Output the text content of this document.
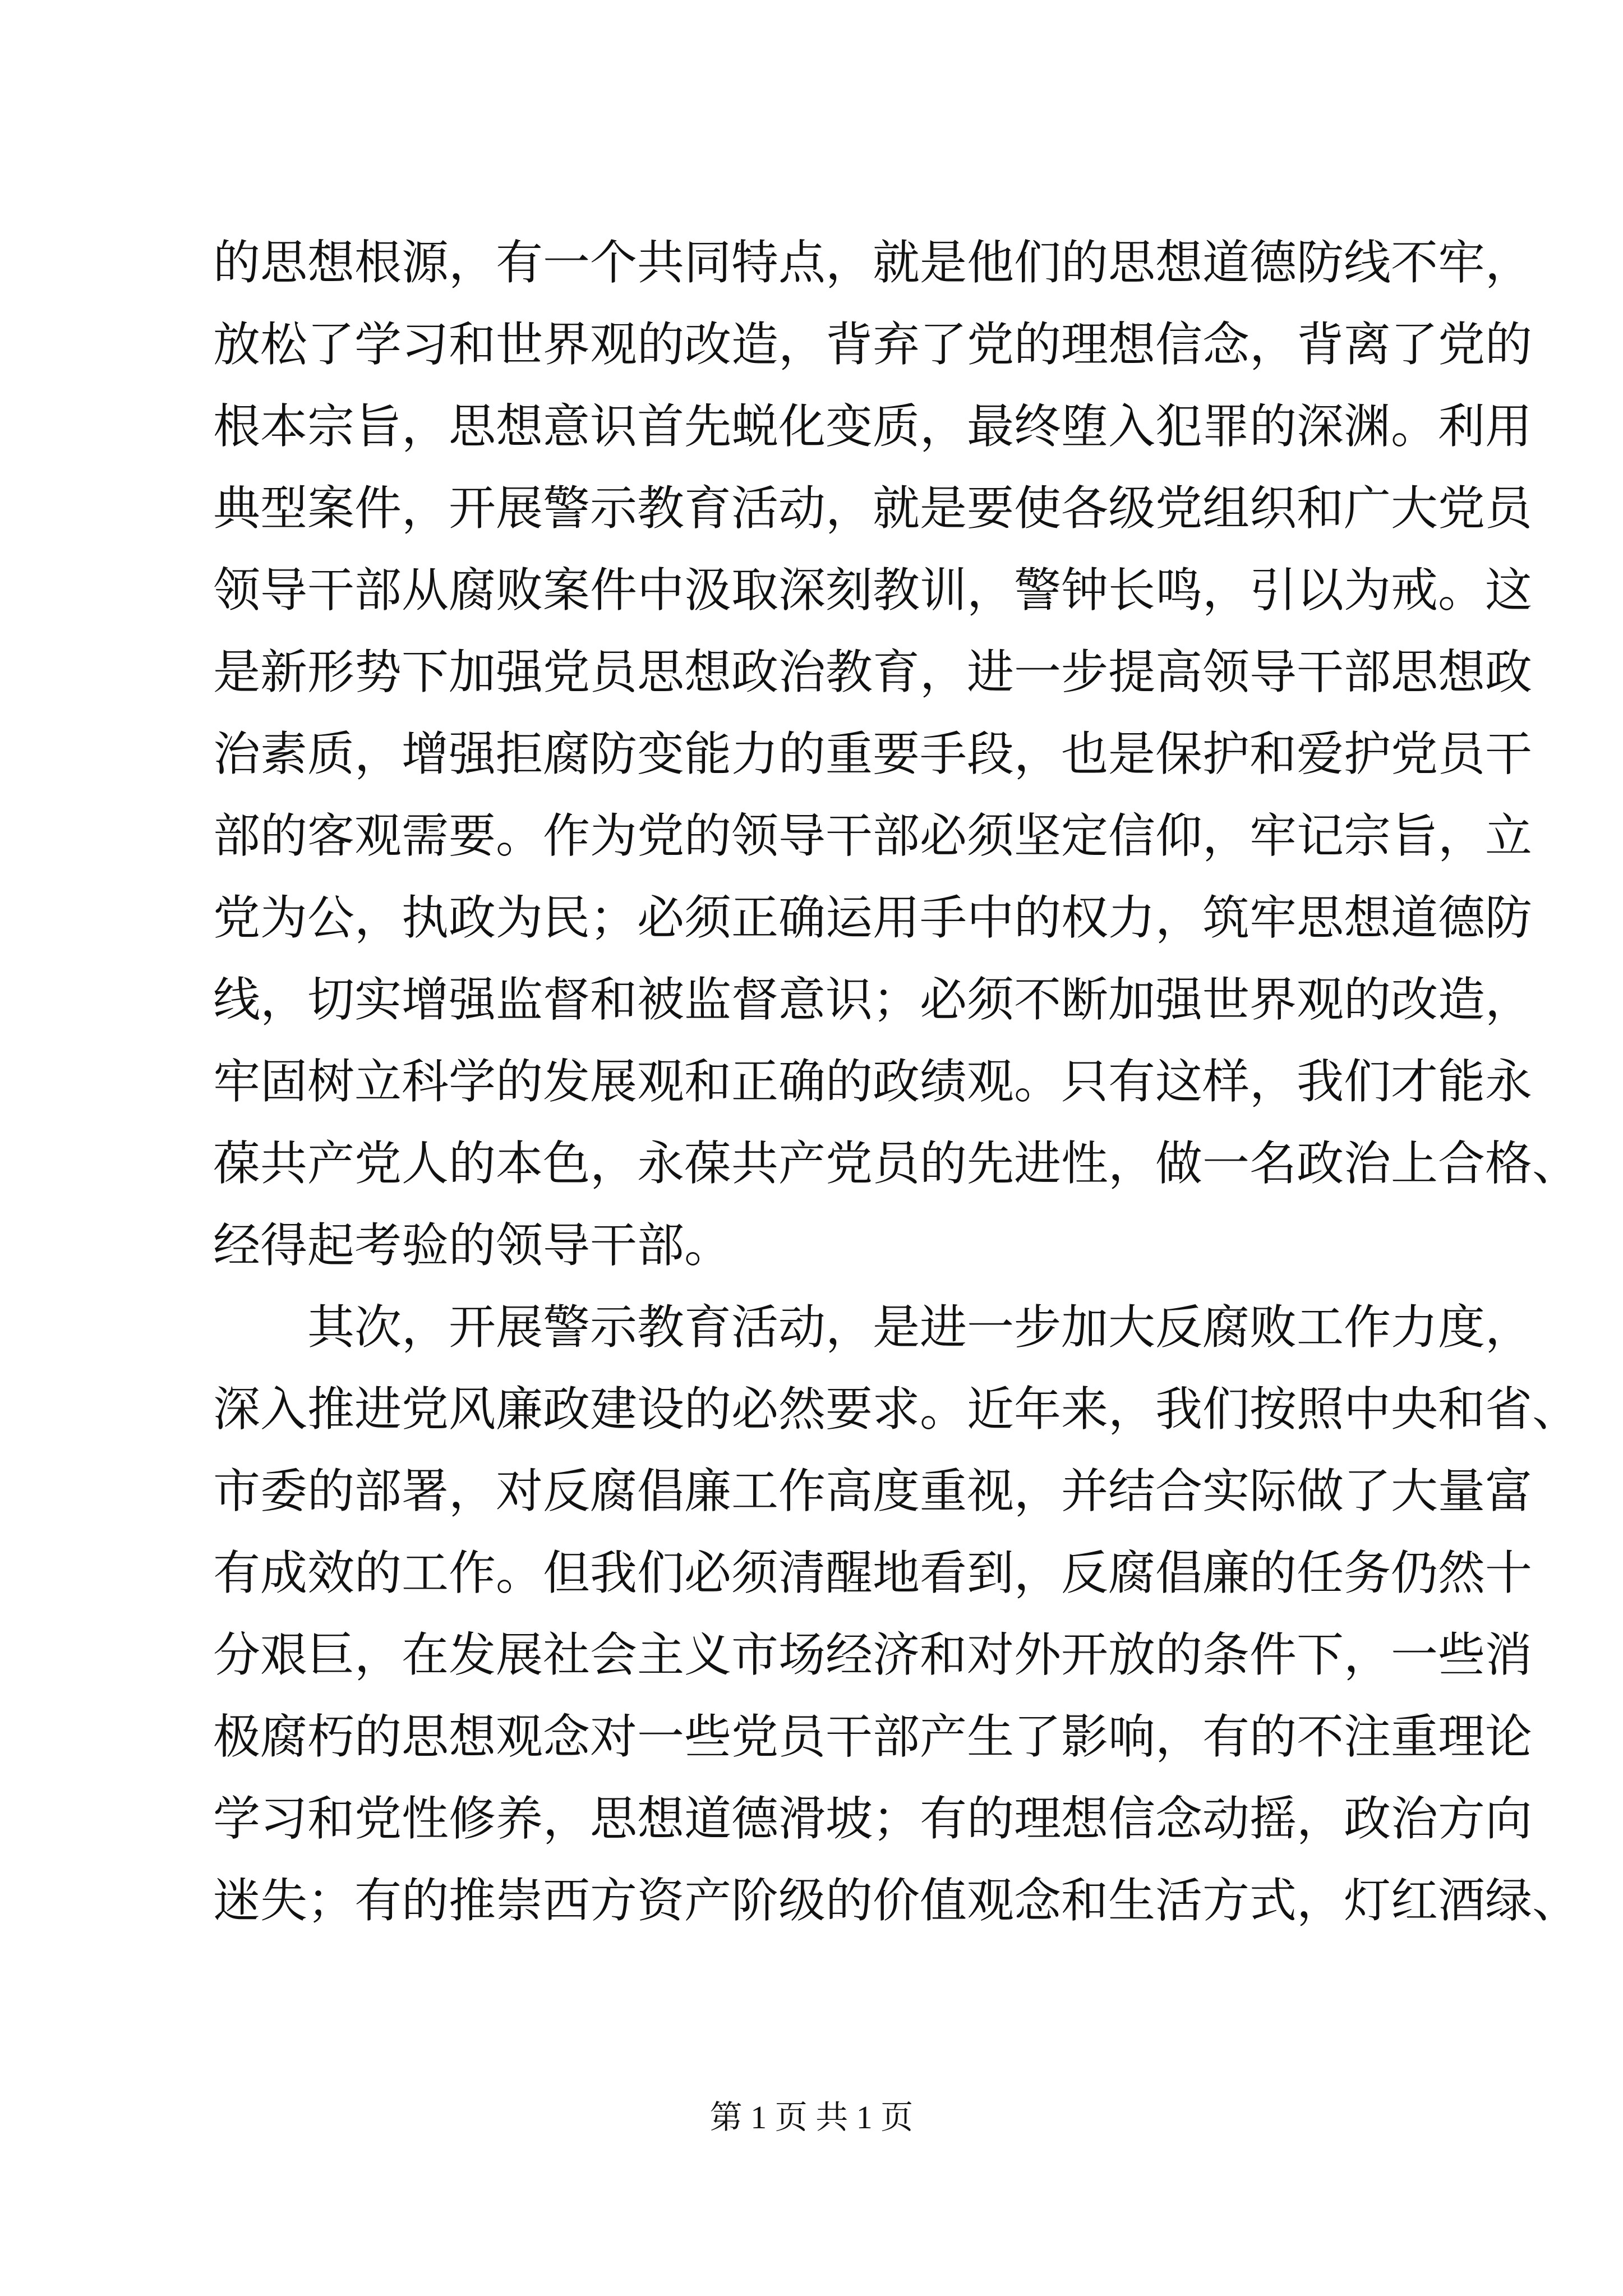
的思想根源，有一个共同特点，就是他们的思想道德防线不牢，
放松了学习和世界观的改造，背弃了党的理想信念，背离了党的
根本宗旨，思想意识首先蜕化变质，最终堕入犯罪的深渊。利用
典型案件，开展警示教育活动，就是要使各级党组织和广大党员
领导干部从腐败案件中汲取深刻教训，警钟长鸣，引以为戒。这
是新形势下加强党员思想政治教育，进一步提高领导干部思想政
治素质，增强拒腐防变能力的重要手段，也是保护和爱护党员干
部的客观需要。作为党的领导干部必须坚定信仰，牢记宗旨，立
党为公，执政为民；必须正确运用手中的权力，筑牢思想道德防
线，切实增强监督和被监督意识；必须不断加强世界观的改造，
牢固树立科学的发展观和正确的政绩观。只有这样，我们才能永
葆共产党人的本色，永葆共产党员的先进性，做一名政治上合格、
经得起考验的领导干部。
其次，开展警示教育活动，是进一步加大反腐败工作力度，
深入推进党风廉政建设的必然要求。近年来，我们按照中央和省、
市委的部署，对反腐倡廉工作高度重视，并结合实际做了大量富
有成效的工作。但我们必须清醒地看到，反腐倡廉的任务仍然十
分艰巨，在发展社会主义市场经济和对外开放的条件下，一些消
极腐朽的思想观念对一些党员干部产生了影响，有的不注重理论
学习和党性修养，思想道德滑坡；有的理想信念动摇，政治方向
迷失；有的推崇西方资产阶级的价值观念和生活方式，灯红酒绿、
第 1 页 共 1 页
